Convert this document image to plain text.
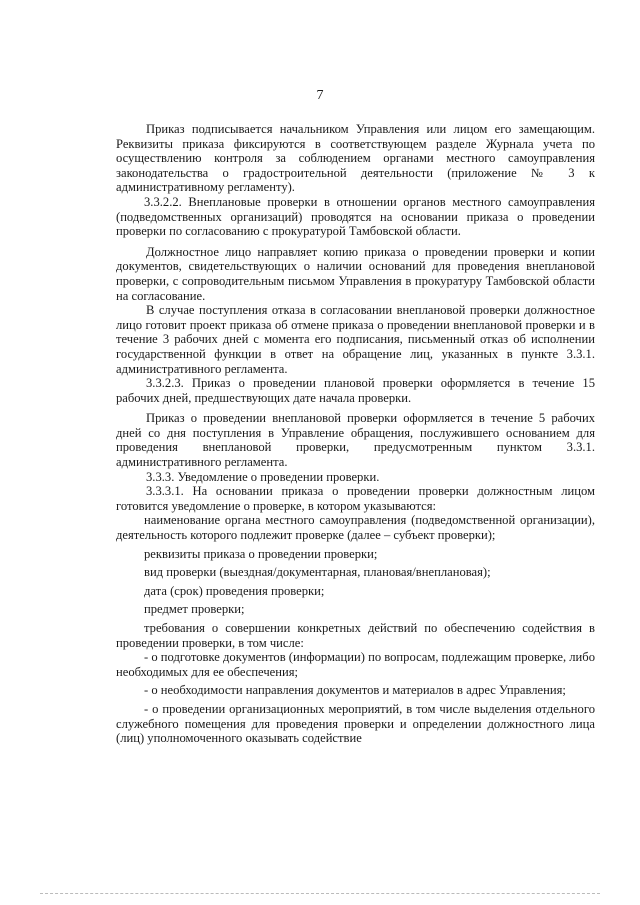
7

Приказ подписывается начальником Управления или лицом его замещающим. Реквизиты приказа фиксируются в соответствующем разделе Журнала учета по осуществлению контроля за соблюдением органами местного самоуправления законодательства о градостроительной деятельности (приложение № 3 к административному регламенту).

3.3.2.2. Внеплановые проверки в отношении органов местного самоуправления (подведомственных организаций) проводятся на основании приказа о проведении проверки по согласованию с прокуратурой Тамбовской области.

Должностное лицо направляет копию приказа о проведении проверки и копии документов, свидетельствующих о наличии оснований для проведения внеплановой проверки, с сопроводительным письмом Управления в прокуратуру Тамбовской области на согласование.

В случае поступления отказа в согласовании внеплановой проверки должностное лицо готовит проект приказа об отмене приказа о проведении внеплановой проверки и в течение 3 рабочих дней с момента его подписания, письменный отказ об исполнении государственной функции в ответ на обращение лиц, указанных в пункте 3.3.1. административного регламента.

3.3.2.3. Приказ о проведении плановой проверки оформляется в течение 15 рабочих дней, предшествующих дате начала проверки.

Приказ о проведении внеплановой проверки оформляется в течение 5 рабочих дней со дня поступления в Управление обращения, послужившего основанием для проведения внеплановой проверки, предусмотренным пунктом 3.3.1. административного регламента.

3.3.3. Уведомление о проведении проверки.

3.3.3.1. На основании приказа о проведении проверки должностным лицом готовится уведомление о проверке, в котором указываются:

наименование органа местного самоуправления (подведомственной организации), деятельность которого подлежит проверке (далее – субъект проверки);

реквизиты приказа о проведении проверки;

вид проверки (выездная/документарная, плановая/внеплановая);

дата (срок) проведения проверки;

предмет проверки;

требования о совершении конкретных действий по обеспечению содействия в проведении проверки, в том числе:

- о подготовке документов (информации) по вопросам, подлежащим проверке, либо необходимых для ее обеспечения;

- о необходимости направления документов и материалов в адрес Управления;

- о проведении организационных мероприятий, в том числе выделения отдельного служебного помещения для проведения проверки и определении должностного лица (лиц) уполномоченного оказывать содействие
